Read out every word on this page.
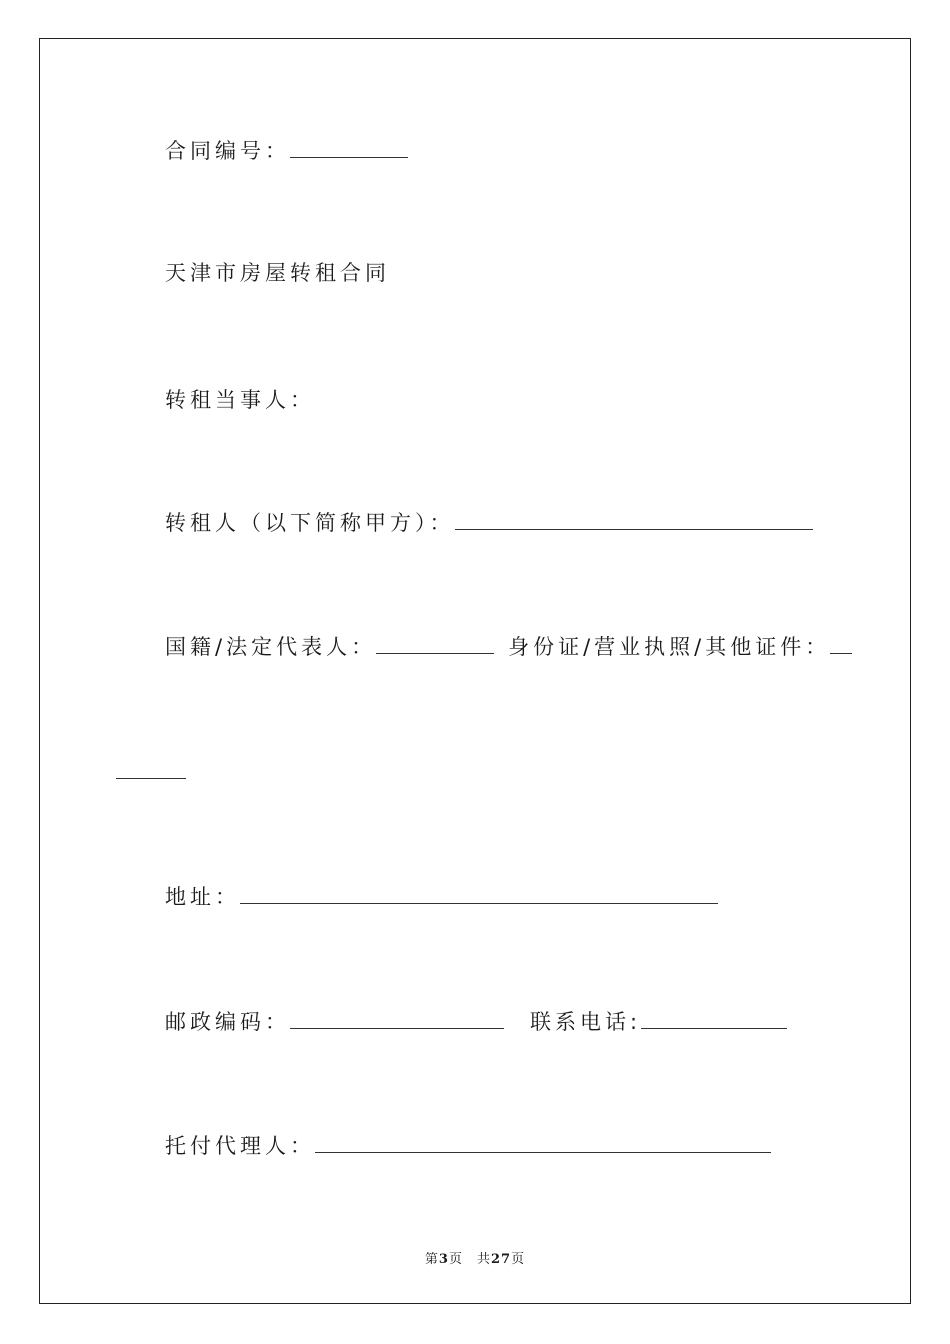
合同编号：
天津市房屋转租合同
转租当事人：
转租人（以下简称甲方）：
国籍/法定代表人：	身份证/营业执照/其他证件：
地址：
邮政编码：	联系电话:
托付代理人：
第3页　共27页
